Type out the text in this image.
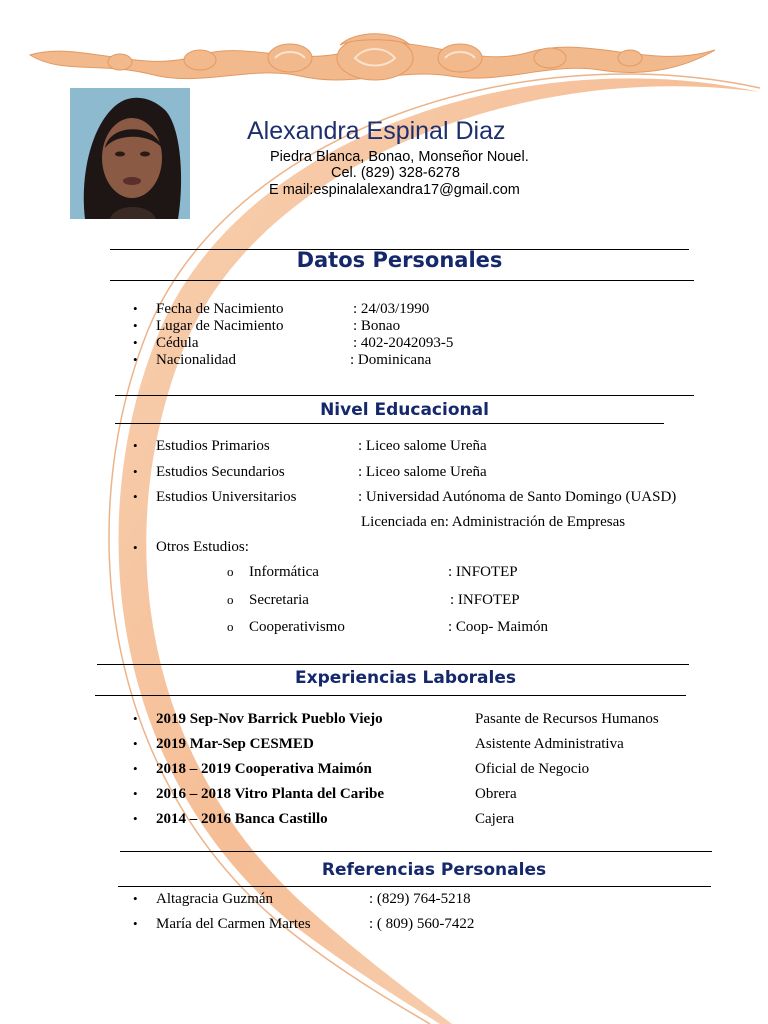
Alexandra Espinal Diaz
Piedra Blanca, Bonao, Monseñor Nouel.
Cel. (829) 328-6278
E mail:espinalalexandra17@gmail.com
Datos Personales
• Fecha de Nacimiento	: 24/03/1990
• Lugar de Nacimiento	: Bonao
• Cédula	: 402-2042093-5
• Nacionalidad	: Dominicana
Nivel Educacional
• Estudios Primarios	: Liceo salome Ureña
• Estudios Secundarios	: Liceo salome Ureña
• Estudios Universitarios	: Universidad Autónoma de Santo Domingo (UASD)
Licenciada en: Administración de Empresas
• Otros Estudios:
o Informática	: INFOTEP
o Secretaria	: INFOTEP
o Cooperativismo	: Coop- Maimón
Experiencias Laborales
• 2019 Sep-Nov Barrick Pueblo Viejo	Pasante de Recursos Humanos
• 2019 Mar-Sep CESMED	Asistente Administrativa
• 2018 – 2019 Cooperativa Maimón	Oficial de Negocio
• 2016 – 2018 Vitro Planta del Caribe	Obrera
• 2014 – 2016 Banca Castillo	Cajera
Referencias Personales
• Altagracia Guzmán	: (829) 764-5218
• María del Carmen Martes	: ( 809) 560-7422
